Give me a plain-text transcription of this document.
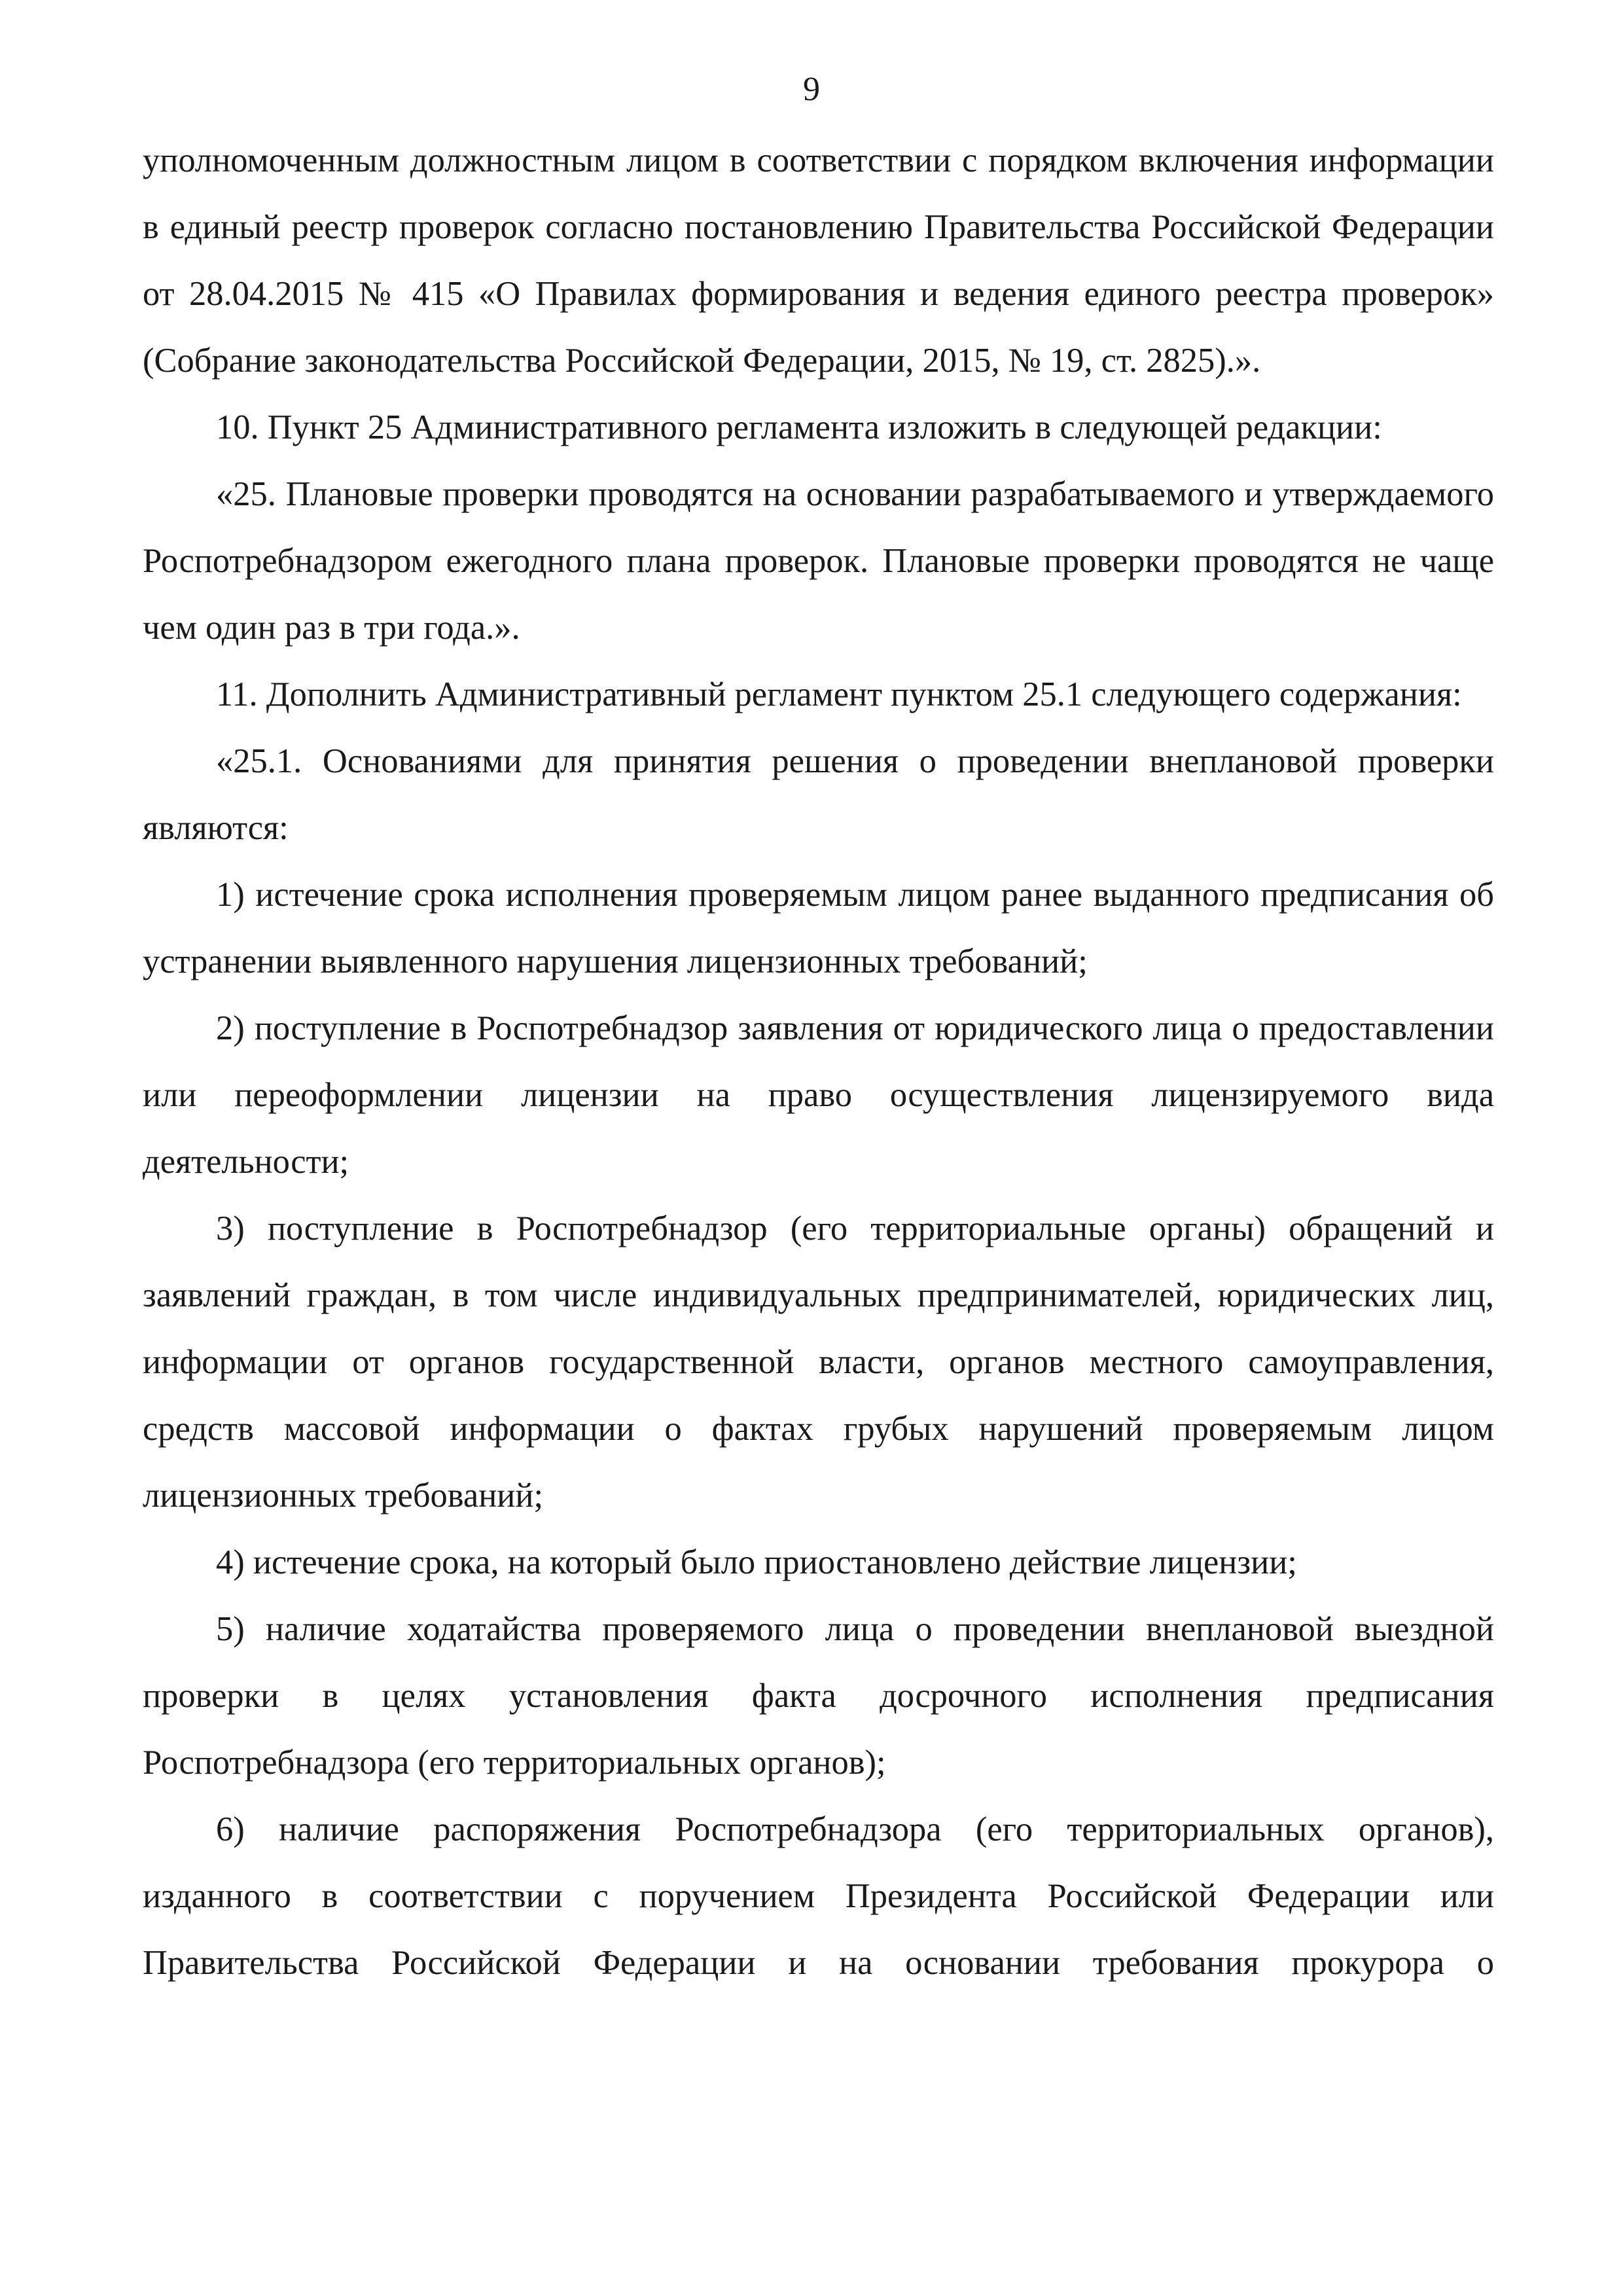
9

уполномоченным должностным лицом в соответствии с порядком включения информации в единый реестр проверок согласно постановлению Правительства Российской Федерации от 28.04.2015 № 415 «О Правилах формирования и ведения единого реестра проверок» (Собрание законодательства Российской Федерации, 2015, № 19, ст. 2825).».

10. Пункт 25 Административного регламента изложить в следующей редакции:

«25. Плановые проверки проводятся на основании разрабатываемого и утверждаемого Роспотребнадзором ежегодного плана проверок. Плановые проверки проводятся не чаще чем один раз в три года.».

11. Дополнить Административный регламент пунктом 25.1 следующего содержания:

«25.1. Основаниями для принятия решения о проведении внеплановой проверки являются:

1) истечение срока исполнения проверяемым лицом ранее выданного предписания об устранении выявленного нарушения лицензионных требований;

2) поступление в Роспотребнадзор заявления от юридического лица о предоставлении или переоформлении лицензии на право осуществления лицензируемого вида деятельности;

3) поступление в Роспотребнадзор (его территориальные органы) обращений и заявлений граждан, в том числе индивидуальных предпринимателей, юридических лиц, информации от органов государственной власти, органов местного самоуправления, средств массовой информации о фактах грубых нарушений проверяемым лицом лицензионных требований;

4) истечение срока, на который было приостановлено действие лицензии;

5) наличие ходатайства проверяемого лица о проведении внеплановой выездной проверки в целях установления факта досрочного исполнения предписания Роспотребнадзора (его территориальных органов);

6) наличие распоряжения Роспотребнадзора (его территориальных органов), изданного в соответствии с поручением Президента Российской Федерации или Правительства Российской Федерации и на основании требования прокурора о
